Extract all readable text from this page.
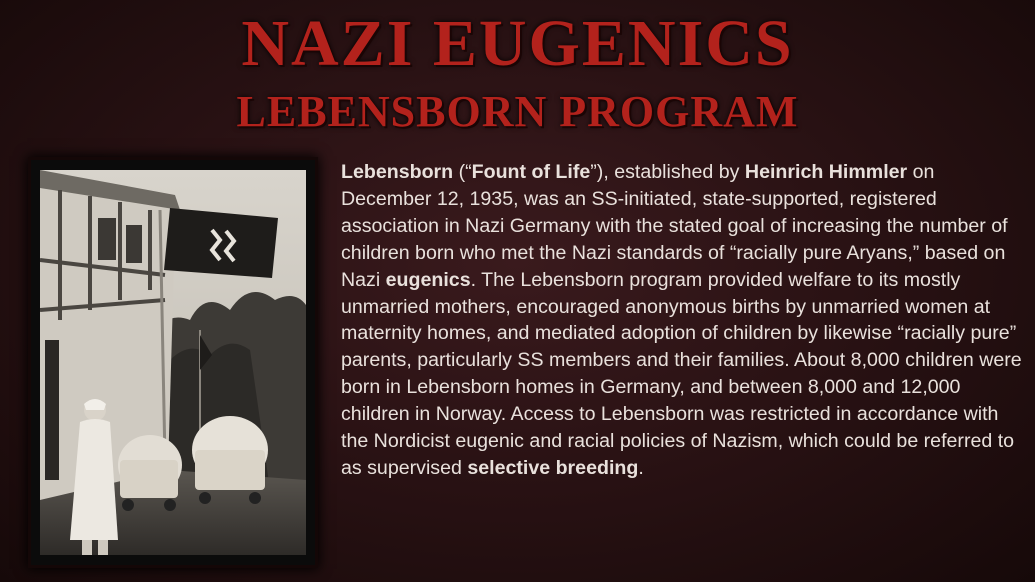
NAZI EUGENICS
LEBENSBORN PROGRAM
Lebensborn (“Fount of Life”), established by Heinrich Himmler on December 12, 1935, was an SS-initiated, state-supported, registered association in Nazi Germany with the stated goal of increasing the number of children born who met the Nazi standards of “racially pure Aryans,” based on Nazi eugenics. The Lebensborn program provided welfare to its mostly unmarried mothers, encouraged anonymous births by unmarried women at maternity homes, and mediated adoption of children by likewise “racially pure” parents, particularly SS members and their families. About 8,000 children were born in Lebensborn homes in Germany, and between 8,000 and 12,000 children in Norway. Access to Lebensborn was restricted in accordance with the Nordicist eugenic and racial policies of Nazism, which could be referred to as supervised selective breeding.
